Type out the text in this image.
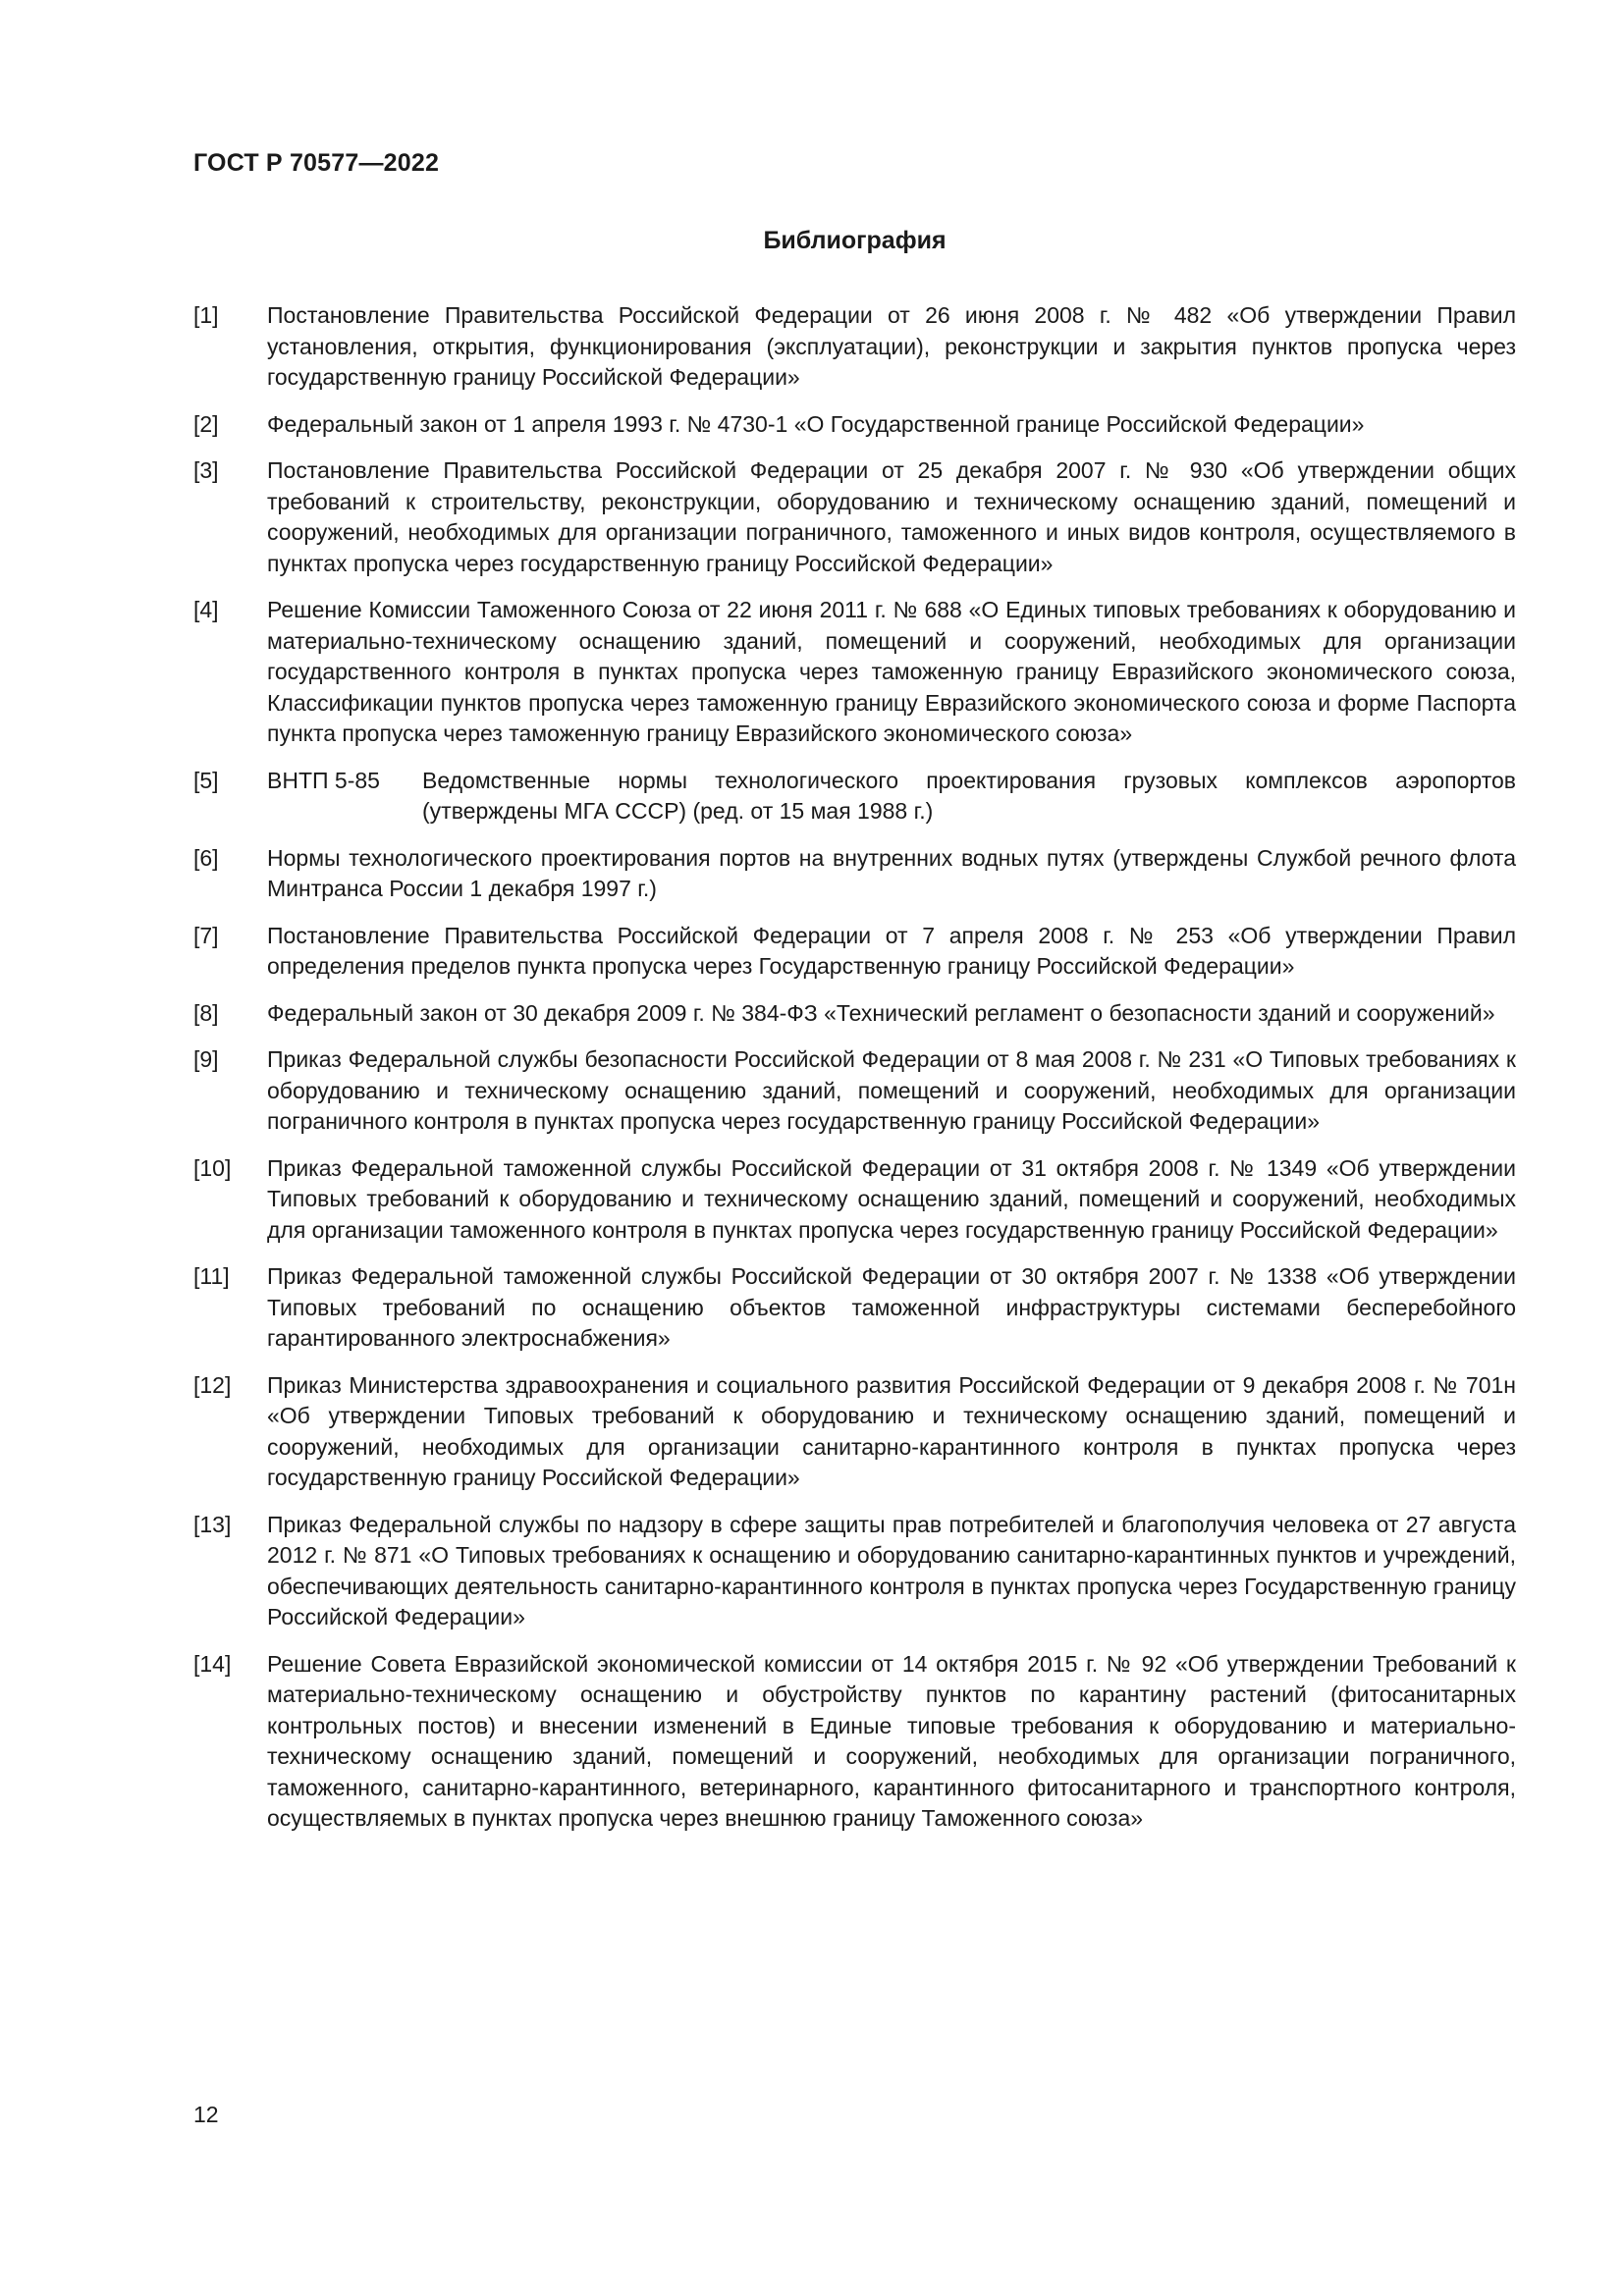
ГОСТ Р 70577—2022
Библиография
[1] Постановление Правительства Российской Федерации от 26 июня 2008 г. № 482 «Об утверждении Правил установления, открытия, функционирования (эксплуатации), реконструкции и закрытия пунктов пропуска через государственную границу Российской Федерации»
[2] Федеральный закон от 1 апреля 1993 г. № 4730-1 «О Государственной границе Российской Федерации»
[3] Постановление Правительства Российской Федерации от 25 декабря 2007 г. № 930 «Об утверждении общих требований к строительству, реконструкции, оборудованию и техническому оснащению зданий, помещений и сооружений, необходимых для организации пограничного, таможенного и иных видов контроля, осуществляемого в пунктах пропуска через государственную границу Российской Федерации»
[4] Решение Комиссии Таможенного Союза от 22 июня 2011 г. № 688 «О Единых типовых требованиях к оборудованию и материально-техническому оснащению зданий, помещений и сооружений, необходимых для организации государственного контроля в пунктах пропуска через таможенную границу Евразийского экономического союза, Классификации пунктов пропуска через таможенную границу Евразийского экономического союза и форме Паспорта пункта пропуска через таможенную границу Евразийского экономического союза»
[5] ВНТП 5-85 Ведомственные нормы технологического проектирования грузовых комплексов аэропортов (утверждены МГА СССР) (ред. от 15 мая 1988 г.)
[6] Нормы технологического проектирования портов на внутренних водных путях (утверждены Службой речного флота Минтранса России 1 декабря 1997 г.)
[7] Постановление Правительства Российской Федерации от 7 апреля 2008 г. № 253 «Об утверждении Правил определения пределов пункта пропуска через Государственную границу Российской Федерации»
[8] Федеральный закон от 30 декабря 2009 г. № 384-ФЗ «Технический регламент о безопасности зданий и сооружений»
[9] Приказ Федеральной службы безопасности Российской Федерации от 8 мая 2008 г. № 231 «О Типовых требованиях к оборудованию и техническому оснащению зданий, помещений и сооружений, необходимых для организации пограничного контроля в пунктах пропуска через государственную границу Российской Федерации»
[10] Приказ Федеральной таможенной службы Российской Федерации от 31 октября 2008 г. № 1349 «Об утверждении Типовых требований к оборудованию и техническому оснащению зданий, помещений и сооружений, необходимых для организации таможенного контроля в пунктах пропуска через государственную границу Российской Федерации»
[11] Приказ Федеральной таможенной службы Российской Федерации от 30 октября 2007 г. № 1338 «Об утверждении Типовых требований по оснащению объектов таможенной инфраструктуры системами бесперебойного гарантированного электроснабжения»
[12] Приказ Министерства здравоохранения и социального развития Российской Федерации от 9 декабря 2008 г. № 701н «Об утверждении Типовых требований к оборудованию и техническому оснащению зданий, помещений и сооружений, необходимых для организации санитарно-карантинного контроля в пунктах пропуска через государственную границу Российской Федерации»
[13] Приказ Федеральной службы по надзору в сфере защиты прав потребителей и благополучия человека от 27 августа 2012 г. № 871 «О Типовых требованиях к оснащению и оборудованию санитарно-карантинных пунктов и учреждений, обеспечивающих деятельность санитарно-карантинного контроля в пунктах пропуска через Государственную границу Российской Федерации»
[14] Решение Совета Евразийской экономической комиссии от 14 октября 2015 г. № 92 «Об утверждении Требований к материально-техническому оснащению и обустройству пунктов по карантину растений (фитосанитарных контрольных постов) и внесении изменений в Единые типовые требования к оборудованию и материально-техническому оснащению зданий, помещений и сооружений, необходимых для организации пограничного, таможенного, санитарно-карантинного, ветеринарного, карантинного фитосанитарного и транспортного контроля, осуществляемых в пунктах пропуска через внешнюю границу Таможенного союза»
12
